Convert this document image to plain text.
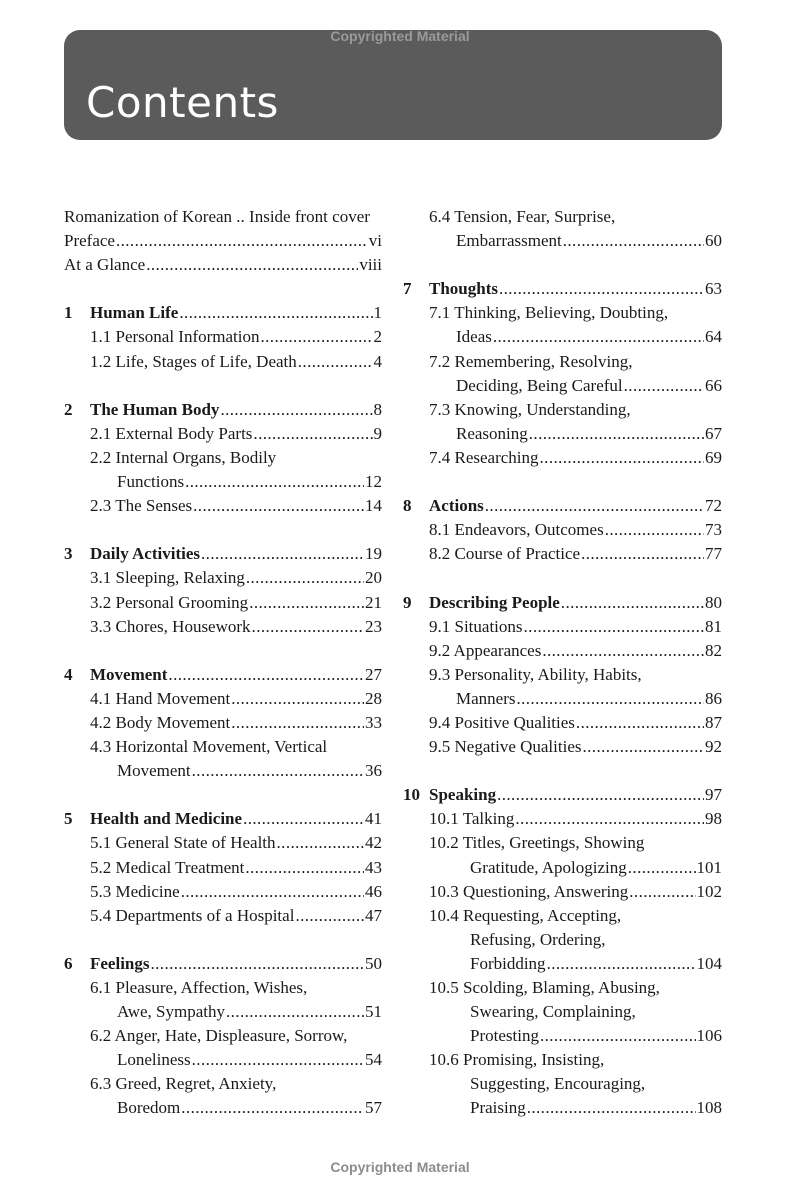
Contents
Copyrighted Material
Romanization of Korean .. Inside front cover
Preface .....	vi
At a Glance .....	viii
1	Human Life .....	1
1.1 Personal Information .....	2
1.2 Life, Stages of Life, Death .....	4
2	The Human Body .....	8
2.1 External Body Parts .....	9
2.2 Internal Organs, Bodily
Functions .....	12
2.3 The Senses .....	14
3	Daily Activities .....	19
3.1 Sleeping, Relaxing .....	20
3.2 Personal Grooming .....	21
3.3 Chores, Housework .....	23
4	Movement .....	27
4.1 Hand Movement .....	28
4.2 Body Movement .....	33
4.3 Horizontal Movement, Vertical
Movement .....	36
5	Health and Medicine .....	41
5.1 General State of Health .....	42
5.2 Medical Treatment .....	43
5.3 Medicine .....	46
5.4 Departments of a Hospital .....	47
6	Feelings .....	50
6.1 Pleasure, Affection, Wishes,
Awe, Sympathy .....	51
6.2 Anger, Hate, Displeasure, Sorrow,
Loneliness .....	54
6.3 Greed, Regret, Anxiety,
Boredom .....	57
6.4 Tension, Fear, Surprise,
Embarrassment .....	60
7	Thoughts .....	63
7.1 Thinking, Believing, Doubting,
Ideas .....	64
7.2 Remembering, Resolving,
Deciding, Being Careful .....	66
7.3 Knowing, Understanding,
Reasoning .....	67
7.4 Researching .....	69
8	Actions .....	72
8.1 Endeavors, Outcomes .....	73
8.2 Course of Practice .....	77
9	Describing People .....	80
9.1 Situations .....	81
9.2 Appearances .....	82
9.3 Personality, Ability, Habits,
Manners .....	86
9.4 Positive Qualities .....	87
9.5 Negative Qualities .....	92
10 Speaking .....	97
10.1 Talking .....	98
10.2 Titles, Greetings, Showing
Gratitude, Apologizing .....	101
10.3 Questioning, Answering .....	102
10.4 Requesting, Accepting,
Refusing, Ordering,
Forbidding .....	104
10.5 Scolding, Blaming, Abusing,
Swearing, Complaining,
Protesting .....	106
10.6 Promising, Insisting,
Suggesting, Encouraging,
Praising .....	108
Copyrighted Material
